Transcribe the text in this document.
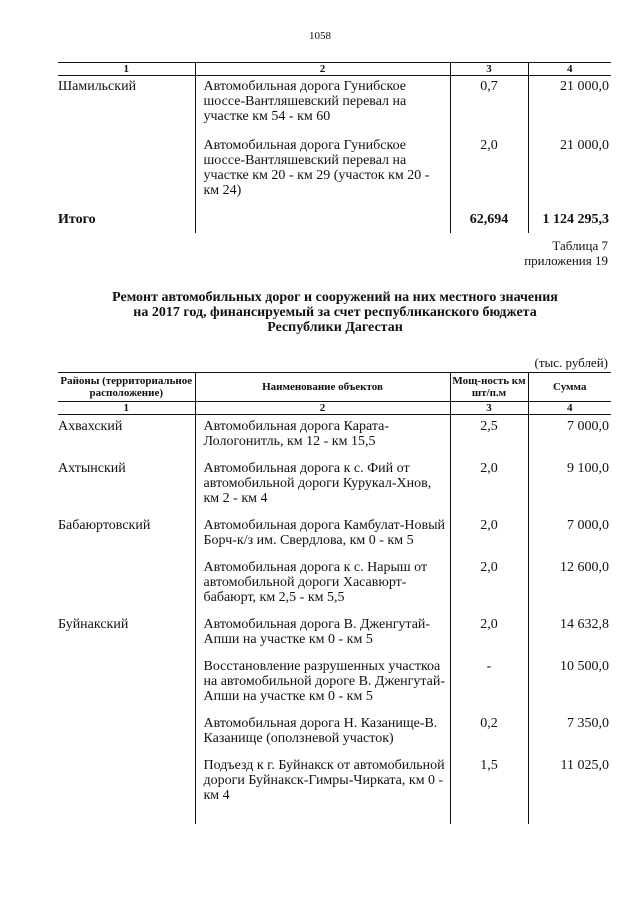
1058
1	2	3	4
Шамильский	Автомобильная дорога Гунибское шоссе-Вантляшевский перевал на участке км 54 - км 60	0,7	21 000,0
	Автомобильная дорога Гунибское шоссе-Вантляшевский перевал на участке км 20 - км 29 (участок км 20 - км 24)	2,0	21 000,0
Итого		62,694	1 124 295,3
Таблица 7
приложения 19
Ремонт автомобильных дорог и сооружений на них местного значения
на 2017 год, финансируемый за счет республиканского бюджета
Республики Дагестан
(тыс. рублей)
Районы (территориальное расположение)	Наименование объектов	Мощ-ность км шт/п.м	Сумма
1	2	3	4
Ахвахский	Автомобильная дорога Карата-Лологонитль, км 12 - км 15,5	2,5	7 000,0
Ахтынский	Автомобильная дорога к с. Фий от автомобильной дороги Курукал-Хнов, км 2 - км 4	2,0	9 100,0
Бабаюртовский	Автомобильная дорога Камбулат-Новый Борч-к/з им. Свердлова, км 0 - км 5	2,0	7 000,0
	Автомобильная дорога к с. Нарыш от автомобильной дороги Хасавюрт-бабаюрт, км 2,5 - км 5,5	2,0	12 600,0
Буйнакский	Автомобильная дорога В. Дженгутай-Апши на участке км 0 - км 5	2,0	14 632,8
	Восстановление разрушенных участкоа на автомобильной дороге В. Дженгутай-Апши на участке км 0 - км 5	-	10 500,0
	Автомобильная дорога Н. Казанище-В. Казанище (оползневой участок)	0,2	7 350,0
	Подъезд к г. Буйнакск от автомобильной дороги Буйнакск-Гимры-Чирката, км 0 - км 4	1,5	11 025,0
